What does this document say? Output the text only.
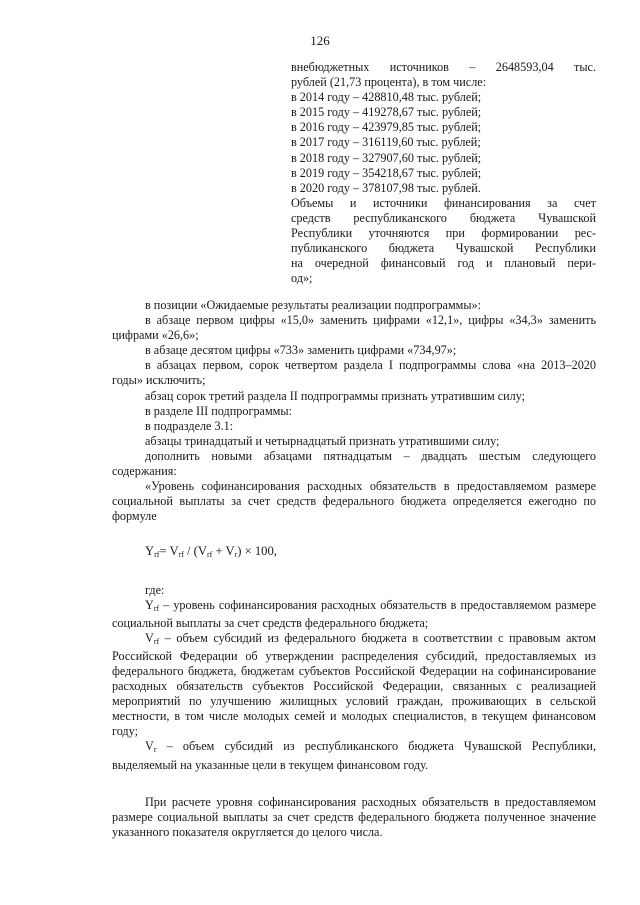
126
внебюджетных источников – 2648593,04 тыс.
рублей (21,73 процента), в том числе:
в 2014 году – 428810,48 тыс. рублей;
в 2015 году – 419278,67 тыс. рублей;
в 2016 году – 423979,85 тыс. рублей;
в 2017 году – 316119,60 тыс. рублей;
в 2018 году – 327907,60 тыс. рублей;
в 2019 году – 354218,67 тыс. рублей;
в 2020 году – 378107,98 тыс. рублей.
Объемы и источники финансирования за счет
средств республиканского бюджета Чувашской
Республики уточняются при формировании рес-
публиканского бюджета Чувашской Республики
на очередной финансовый год и плановый пери-
од»;

в позиции «Ожидаемые результаты реализации подпрограммы»:

в абзаце первом цифры «15,0» заменить цифрами «12,1», цифры «34,3» заменить цифрами «26,6»;

в абзаце десятом цифры «733» заменить цифрами «734,97»;

в абзацах первом, сорок четвертом раздела I подпрограммы слова «на 2013–2020 годы» исключить;

абзац сорок третий раздела II подпрограммы признать утратившим силу;

в разделе III подпрограммы:

в подразделе 3.1:

абзацы тринадцатый и четырнадцатый признать утратившими силу;

дополнить новыми абзацами пятнадцатым – двадцать шестым следующего содержания:

«Уровень софинансирования расходных обязательств в предоставляемом размере социальной выплаты за счет средств федерального бюджета определяется ежегодно по формуле

$Y_{rf}= V_{rf} / (V_{rf} + V_r) \times 100$,

где:

$Y_{rf}$ – уровень софинансирования расходных обязательств в предоставляемом размере социальной выплаты за счет средств федерального бюджета;

$V_{rf}$ – объем субсидий из федерального бюджета в соответствии с правовым актом Российской Федерации об утверждении распределения субсидий, предоставляемых из федерального бюджета, бюджетам субъектов Российской Федерации на софинансирование расходных обязательств субъектов Российской Федерации, связанных с реализацией мероприятий по улучшению жилищных условий граждан, проживающих в сельской местности, в том числе молодых семей и молодых специалистов, в текущем финансовом году;

$V_r$ – объем субсидий из республиканского бюджета Чувашской Республики, выделяемый на указанные цели в текущем финансовом году.

При расчете уровня софинансирования расходных обязательств в предоставляемом размере социальной выплаты за счет средств федерального бюджета полученное значение указанного показателя округляется до целого числа.
